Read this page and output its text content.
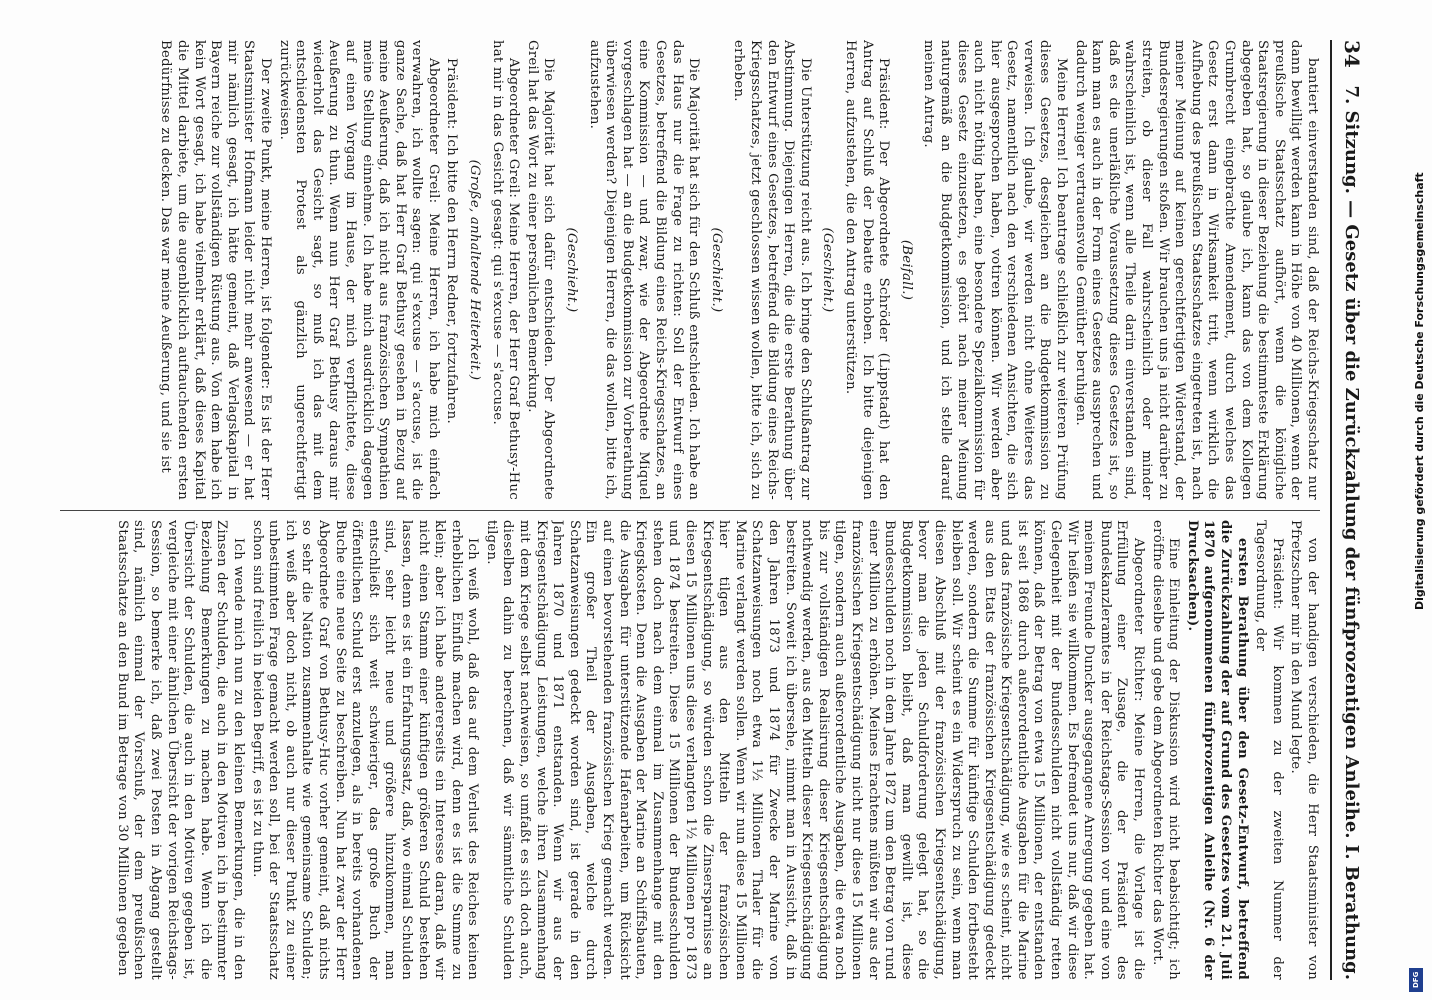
34
7. Sitzung. — Gesetz über die Zurückzahlung der fünfprozentigen Anleihe. I. Berathung.

bantiert einverstanden sind, daß der Reichs-Kriegsschatz nur dann bewilligt werden kann in Höhe von 40 Millionen, wenn der preußische Staatsschatz aufhört, wenn die königliche Staatsregierung in dieser Beziehung die bestimmteste Erklärung abgegeben hat, so glaube ich, kann das von dem Kollegen Grumbrecht eingebrachte Amendement, durch welches das Gesetz erst dann in Wirksamkeit tritt, wenn wirklich die Aufhebung des preußischen Staatsschatzes eingetreten ist, nach meiner Meinung auf keinen gerechtfertigten Widerstand, der Bundesregierungen stoßen. Wir brauchen uns ja nicht darüber zu streiten, ob dieser Fall wahrscheinlich oder minder wahrscheinlich ist, wenn alle Theile darin einverstanden sind, daß es die unerläßliche Voraussetzung dieses Gesetzes ist, so kann man es auch in der Form eines Gesetzes aussprechen und dadurch weniger vertrauensvolle Gemüther beruhigen.

Meine Herren! Ich beantrage schließlich zur weiteren Prüfung dieses Gesetzes, desgleichen an die Budgetkommission zu verweisen. Ich glaube, wir werden nicht ohne Weiteres das Gesetz, namentlich nach den verschiedenen Ansichten, die sich hier ausgesprochen haben, votiren können. Wir werden aber auch nicht nöthig haben, eine besondere Spezialkommission für dieses Gesetz einzusetzen, es gehört nach meiner Meinung naturgemäß an die Budgetkommission, und ich stelle darauf meinen Antrag.

(Beifall.)

Präsident: Der Abgeordnete Schröder (Lippstadt) hat den Antrag auf Schluß der Debatte erhoben. Ich bitte diejenigen Herren, aufzustehen, die den Antrag unterstützen.

(Geschieht.)

Die Unterstützung reicht aus. Ich bringe den Schlußantrag zur Abstimmung. Diejenigen Herren, die die erste Berathung über den Entwurf eines Gesetzes, betreffend die Bildung eines Reichs-Kriegsschatzes, jetzt geschlossen wissen wollen, bitte ich, sich zu erheben.

(Geschieht.)

Die Majorität hat sich für den Schluß entschieden. Ich habe an das Haus nur die Frage zu richten: Soll der Entwurf eines Gesetzes, betreffend die Bildung eines Reichs-Kriegsschatzes, an eine Kommission — und zwar, wie der Abgeordnete Miquel vorgeschlagen hat — an die Budgetkommission zur Vorberathung überwiesen werden? Diejenigen Herren, die das wollen, bitte ich, aufzustehen.

(Geschieht.)

Die Majorität hat sich dafür entschieden. Der Abgeordnete Greil hat das Wort zu einer persönlichen Bemerkung.

Abgeordneter Greil: Meine Herren, der Herr Graf Bethusy-Huc hat mir in das Gesicht gesagt: qui s'excuse — s'accuse.

(Große, anhaltende Heiterkeit.)

Präsident: Ich bitte den Herrn Redner, fortzufahren.

Abgeordneter Greil: Meine Herren, ich habe mich einfach verwahren, ich wollte sagen: qui s'excuse — s'accuse, ist die ganze Sache, daß hat Herr Graf Bethusy gesehen in Bezug auf meine Aeußerung, daß ich nicht aus französischen Sympathien meine Stellung einnehme. Ich habe mich ausdrücklich dagegen auf einen Vorgang im Hause, der mich verpflichtete, diese Aeußerung zu thun. Wenn nun Herr Graf Bethusy daraus mir wiederholt das Gesicht sagt, so muß ich das mit dem entschiedensten Protest als gänzlich ungerechtfertigt zurückweisen.

Der zweite Punkt, meine Herren, ist folgender: Es ist der Herr Staatsminister Hofmann leider nicht mehr anwesend — er hat mir nämlich gesagt, ich hätte gemeint, daß Verlagskapital in Bayern reiche zur vollständigen Rüstung aus. Von dem habe ich kein Wort gesagt, ich habe vielmehr erklärt, daß dieses Kapital die Mittel darbiete, um die augenblicklich auftauchenden ersten Bedürfnisse zu decken. Das war meine Aeußerung, und sie ist

von der handigen verschieden, die Herr Staatsminister von Pfretzschner mir in den Mund legte.

Präsident: Wir kommen zu der zweiten Nummer der Tagesordnung, der

ersten Berathung über den Gesetz-Entwurf, betreffend die Zurückzahlung der auf Grund des Gesetzes vom 21. Juli 1870 aufgenommenen fünfprozentigen Anleihe (Nr. 6 der Drucksachen).

Eine Einleitung der Diskussion wird nicht beabsichtigt; ich eröffne dieselbe und gebe dem Abgeordneten Richter das Wort.

Abgeordneter Richter: Meine Herren, die Vorlage ist die Erfüllung einer Zusage, die der Präsident des Bundeskanzleramtes in der Reichstags-Session vor und eine von meinem Freunde Duncker ausgegangene Anregung gegeben hat. Wir heißen sie willkommen. Es befremdet uns nur, daß wir diese Gelegenheit mit der Bundesschulden nicht vollständig retten können, daß der Betrag von etwa 15 Millionen, der entstanden ist seit 1868 durch außerordentliche Ausgaben für die Marine und das französische Kriegsentschädigung, wie es scheint, nicht aus den Etats der französischen Kriegsentschädigung gedeckt werden, sondern die Summe für künftige Schulden fortbesteht bleiben soll. Wir scheint es ein Widerspruch zu sein, wenn man diesen Abschluß mit der französischen Kriegsentschädigung, bevor man die jeden Schuldforderung gelegt hat, so die Budgetkommission bleibt, daß man gewillt ist, diese Bundesschulden noch in dem Jahre 1872 um den Betrag von rund einer Million zu erhöhen. Meines Erachtens müßten wir aus der französischen Kriegsentschädigung nicht nur diese 15 Millionen tilgen, sondern auch außerordentliche Ausgaben, die etwa noch bis zur vollständigen Realisirung dieser Kriegsentschädigung nothwendig werden, aus den Mitteln dieser Kriegsentschädigung bestreiten. Soweit ich übersehe, nimmt man in Aussicht, daß in den Jahren 1873 und 1874 für Zwecke der Marine von Schatzanweisungen noch etwa 1½ Millionen Thaler für die Marine verlangt werden sollen. Wenn wir nun diese 15 Millionen hier tilgen aus den Mitteln der französischen Kriegsentschädigung, so würden schon die Zinsersparnisse an diesen 15 Millionen uns diese verlangten 1½ Millionen pro 1873 und 1874 bestreiten. Diese 15 Millionen der Bundesschulden stehen doch nach dem einmal im Zusammenhange mit den Kriegskosten. Denn die Ausgaben der Marine an Schiffsbauten, die Ausgaben für unterstützende Hafenarbeiten, um Rücksicht auf einen bevorstehenden französischen Krieg gemacht werden. Ein großer Theil der Ausgaben, welche durch Schatzanweisungen gedeckt worden sind, ist gerade in den Jahren 1870 und 1871 entstanden. Wenn wir aus der Kriegsentschädigung Leistungen, welche ihren Zusammenhang mit dem Kriege selbst nachweisen, so umfaßt es sich doch auch, dieselben dahin zu berechnen, daß wir sämmtliche Schulden tilgen.

Ich weiß wohl, daß das auf dem Verlust des Reiches keinen erheblichen Einfluß machen wird, denn es ist die Summe zu klein; aber ich habe andererseits ein Interesse daran, daß wir nicht einen Stamm einer künftigen größeren Schuld bestehen lassen, denn es ist ein Erfahrungssatz, daß, wo einmal Schulden sind, sehr leicht neue und größere hinzukommen, man entschließt sich weit schwieriger, das große Buch der öffentlichen Schuld erst anzulegen, als in bereits vorhandenen Buche eine neue Seite zu beschreiben. Nun hat zwar der Herr Abgeordnete Graf von Bethusy-Huc vorher gemeint, daß nichts so sehr die Nation zusammenhalte wie gemeinsame Schulden; ich weiß aber doch nicht, ob auch nur dieser Punkt zu einer unbestimmten Frage gemacht werden soll, bei der Staatsschatz schon sind freilich in beiden Begriff, es ist zu thun.

Ich wende mich nun zu den kleinen Bemerkungen, die in den Zinsen der Schulden, die auch in den Motiven ich in bestimmter Beziehung Bemerkungen zu machen habe. Wenn ich die Übersicht der Schulden, die auch in den Motiven gegeben ist, vergleiche mit einer ähnlichen Übersicht der vorigen Reichstags-Session, so bemerke ich, daß zwei Posten in Abgang gestellt sind, nämlich einmal der Vorschuß, der dem preußischen Staatsschatze an den Bund im Betrage von 30 Millionen gegeben

Digitalisierung gefördert durch die Deutsche Forschungsgemeinschaft
DFG
